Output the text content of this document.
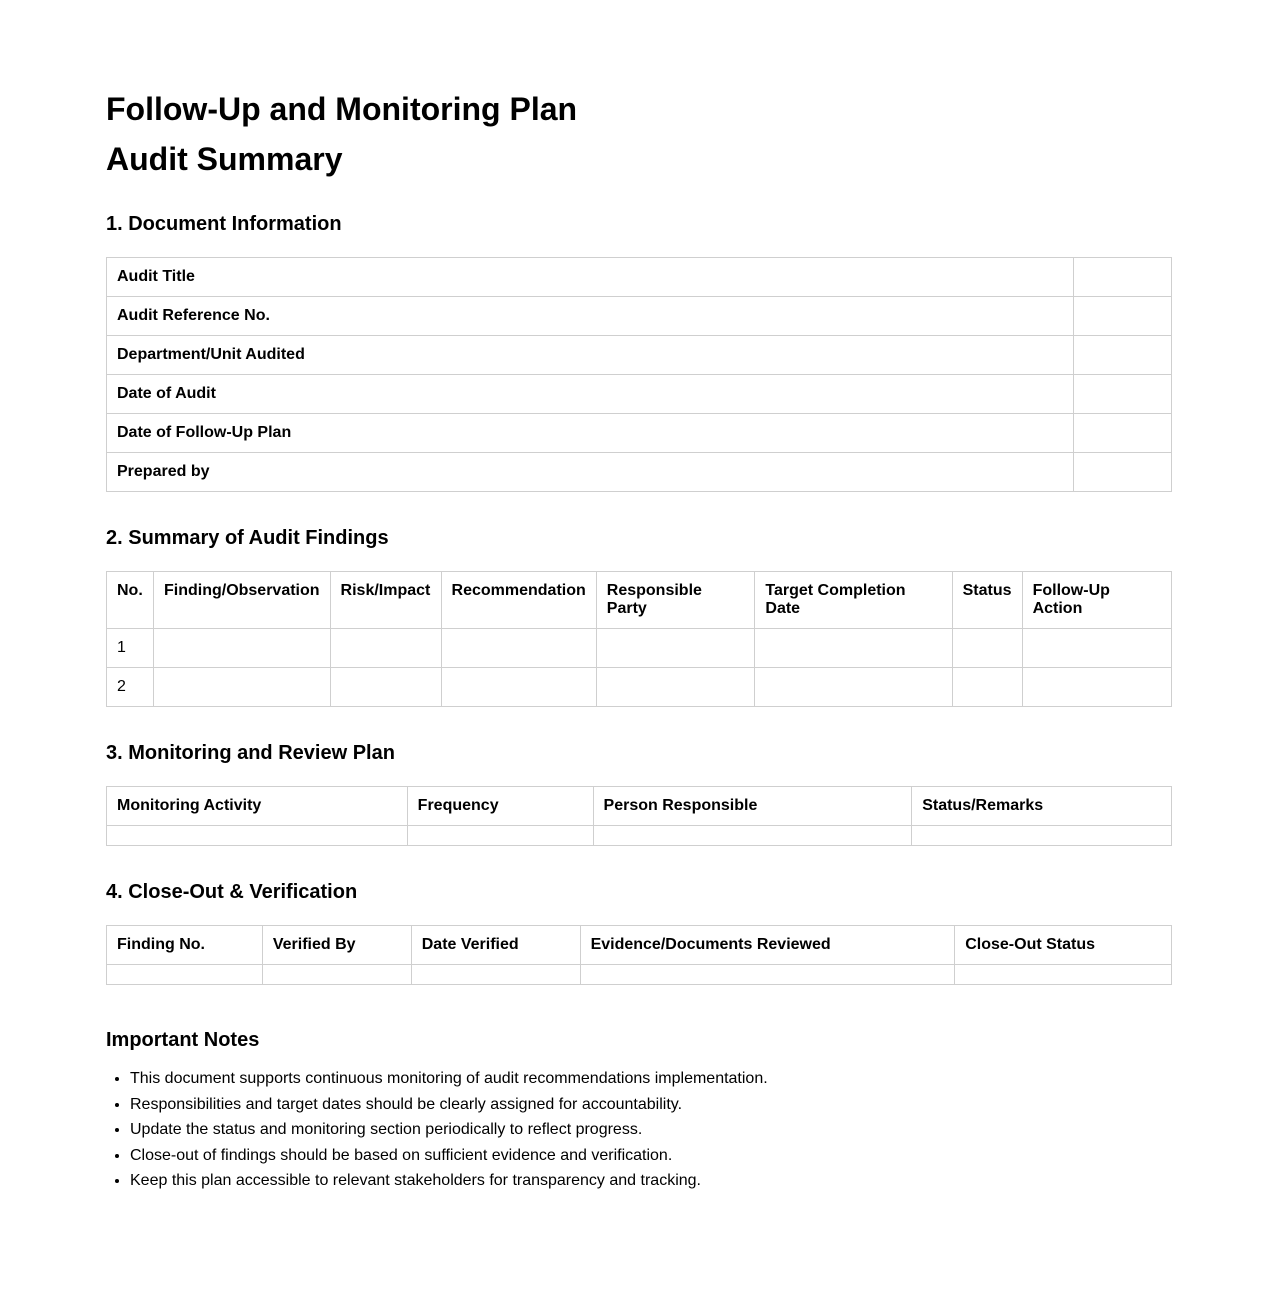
Follow-Up and Monitoring Plan
Audit Summary
1. Document Information
Audit Title	
Audit Reference No.	
Department/Unit Audited	
Date of Audit	
Date of Follow-Up Plan	
Prepared by	
2. Summary of Audit Findings
No.	Finding/Observation	Risk/Impact	Recommendation	Responsible Party	Target Completion Date	Status	Follow-Up Action
1							
2							
3. Monitoring and Review Plan
Monitoring Activity	Frequency	Person Responsible	Status/Remarks

4. Close-Out & Verification
Finding No.	Verified By	Date Verified	Evidence/Documents Reviewed	Close-Out Status

Important Notes
• This document supports continuous monitoring of audit recommendations implementation.
• Responsibilities and target dates should be clearly assigned for accountability.
• Update the status and monitoring section periodically to reflect progress.
• Close-out of findings should be based on sufficient evidence and verification.
• Keep this plan accessible to relevant stakeholders for transparency and tracking.
